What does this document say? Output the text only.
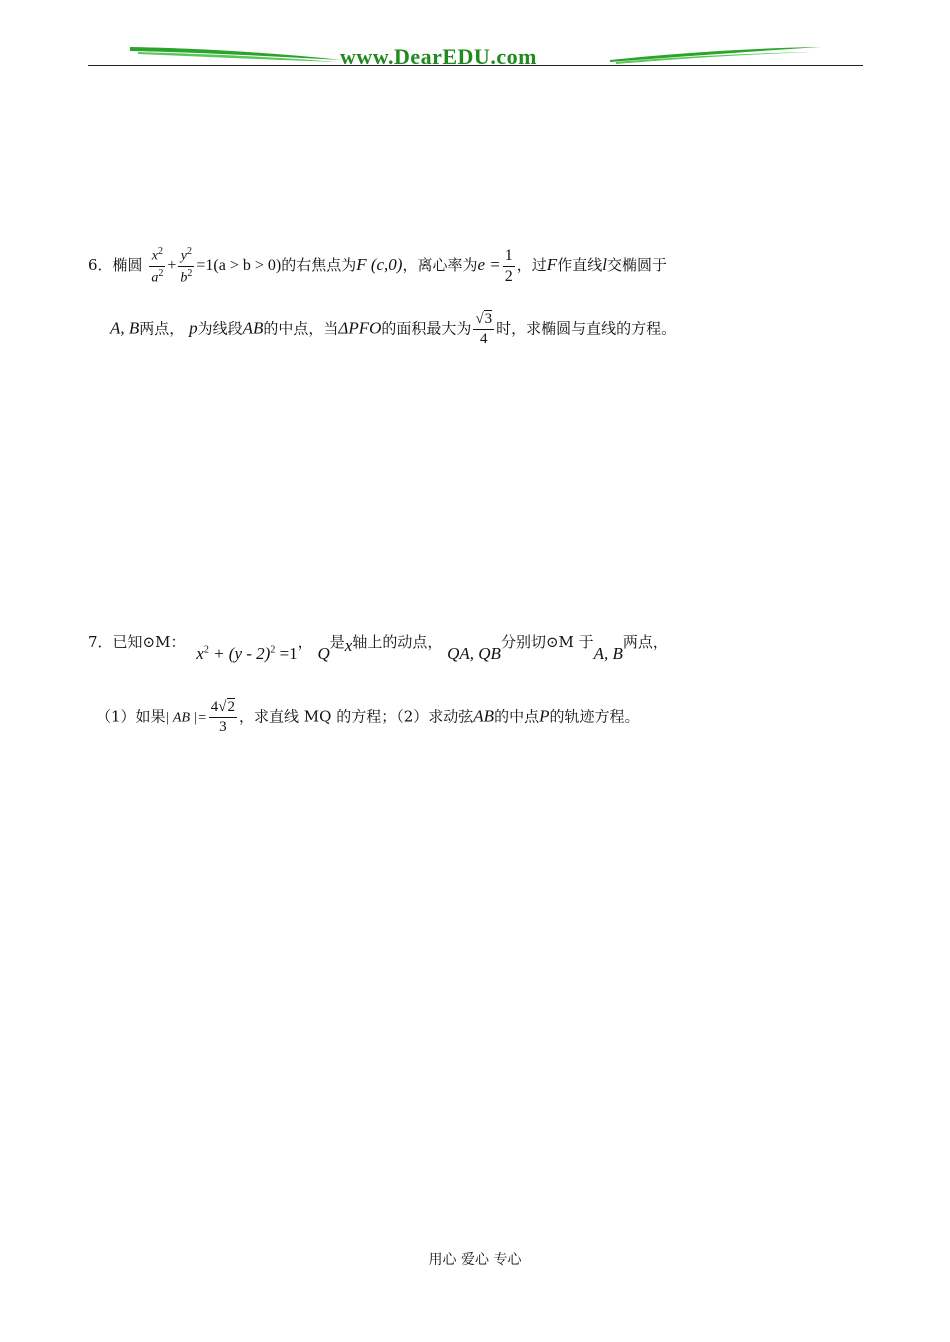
www.DearEDU.com
6．椭圆 $\frac{x^2}{a^2} + \frac{y^2}{b^2} =1(a > b > 0)$的右焦点为F (c,0)，离心率为$e = \frac{1}{2}$ ，过F作直线l交椭圆于
A, B两点， p为线段AB的中点，当ΔPFO的面积最大为 $\frac{√3}{4}$ 时，求椭圆与直线的方程。
7．已知⊙M： $x^2 + (y - 2)^2 =1$， Q是x轴上的动点， QA, QB分别切⊙M 于A, B两点，
（1）如果| AB |= $\frac{4√2}{3}$ ，求直线 MQ 的方程；（2）求动弦AB的中点P的轨迹方程。
用心 爱心 专心
